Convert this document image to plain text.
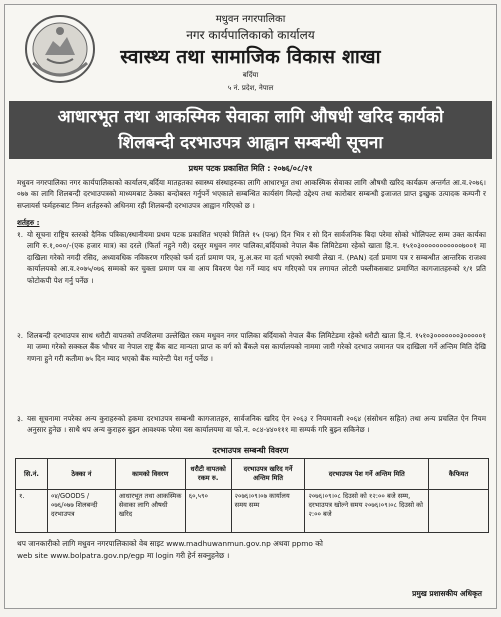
मधुवन नगरपालिका
नगर कार्यपालिकाको कार्यालय
स्वास्थ्य तथा सामाजिक विकास शाखा
बर्दिया
५ नं. प्रदेश, नेपाल
आधारभूत तथा आकस्मिक सेवाका लागि औषधी खरिद कार्यको
शिलबन्दी दरभाउपत्र आह्वान सम्बन्धी सूचना
प्रथम पटक प्रकाशित मिति : २०७६/०८/२१
मधुवन नगरपालिका नगर कार्यपालिकाको कार्यालय,बर्दिया मातहतका स्वास्थ्य संस्थाहरुका लागि आधारभूत तथा आकस्मिक सेवाका लागि औषधी खरिद कार्यक्रम अन्तर्गत आ.व.२०७६।०७७ का लागि शिलबन्दी दरभाउपत्रको माध्यमबाट ठेक्का बन्दोबस्त गर्नुपर्ने भएकाले सम्बन्धित कार्यसंग मिल्दो उद्देश्य तथा कारोबार सम्बन्धी इजाजत प्राप्त इच्छुक उत्पादक कम्पनी र सप्लायर्स फर्महरुबाट निम्न शर्तहरुको अधिनमा रही शिलबन्दी दरभाउपत्र आह्वान गरिएको छ ।
शर्तहरु :
१. यो सूचना राष्ट्रिय स्तरको दैनिक पत्रिका/स्थानीयमा प्रथम पटक प्रकाशित भएको मितिले १५ (पन्ध्र) दिन भित्र र सो दिन सार्वजनिक बिदा परेमा सोको भोलिपल्ट सम्म उक्त कार्यका लागि रु.१,०००/-(एक हजार मात्र) का दरले (फिर्ता नहुने गरी) दस्तुर मधुवन नगर पालिका,बर्दियाको नेपाल बैंक लिमिटेडमा रहेको खाता हि.न. १५१०३०००००००००००७००१ मा दाखिला गरेको नगदी रसिद, अध्यावधिक नविकरण गरिएको फर्म दर्ता प्रमाण पत्र, मु.अ.कर मा दर्ता भएको स्थायी लेखा नं. (PAN) दर्ता प्रमाण पत्र र सम्बन्धीत आन्तरिक राजश्व कार्यालयको आ.व.२०७५/०७६ सम्मको कर चुक्ता प्रमाण पत्र वा आय विवरण पेश गर्ने म्याद थप गरिएको पत्र लगायत लोटरी पब्लीकसबाट प्रमाणित कागजातहरुको १/१ प्रति फोटोकपी पेश गर्नु पर्नेछ ।
२. शिलबन्दी दरभाउपत्र साथ धरौटी वापतको तपशिलमा उल्लेखित रकम मधुवन नगर पालिका बर्दियाको नेपाल बैंक लिमिटेडमा रहेको धरौटी खाता हि.नं. १५१०३०००००००३०००००१ मा जम्मा गरेको सक्कल बैंक भौचर वा नेपाल राष्ट्र बैंक बाट मान्यता प्राप्त क वर्ग को बैंकले यस कार्यालयको नाममा जारी गरेको दरभाउ जमानत पत्र दाखिला गर्ने अन्तिम मिति देखि गणना हुने गरी कतीमा ७५ दिन म्याद भएको बैंक ग्यारेन्टी पेश गर्नु पर्नेछ ।
३. यस सूचनामा नपरेका अन्य कुराहरुको हकमा दरभाउपत्र सम्बन्धी कागजातहरु, सार्वजनिक खरिद ऐन २०६३ र नियमावली २०६४ (संसोधन सहित) तथा अन्य प्रचलित ऐन नियम अनुसार हुनेछ । साथै थप अन्य कुराहरु बुझ्न आवश्यक परेमा यस कार्यालयमा वा फो.न. ०८४-४४०१११ मा सम्पर्क गरि बुझ्न सकिनेछ ।
दरभाउपत्र सम्बन्धी विवरण
सि.नं.	ठेक्का नं	कामको विवरण	धरौटी वापतको रकम रु.	दरभाउपत्र खरिद गर्ने अन्तिम मिति	दरभाउपत्र पेश गर्ने अन्तिम मिति	कैफियत
१.	०४/GOODS /०७६/०७७ शिलबन्दी दरभाउपत्र	आधारभूत तथा आकस्मिक सेवाका लागि औषधी खरिद	६०,५९०	२०७६।०९।०७ कार्यालय समय सम्म	२०७६।०९।०८ दिउसो को १२:०० बजे सम्म, दरभाउपत्र खोल्ने समय २०७६।०९।०८ दिउसो को २:०० बजे	
थप जानकारीको लागि मधुवन नगरपालिकाको वेब साइट www.madhuwanmun.gov.np अथवा ppmo को
web site www.bolpatra.gov.np/egp मा login गरी हेर्न सक्नुहनेछ ।
प्रमुख प्रशासकीय अधिकृत
